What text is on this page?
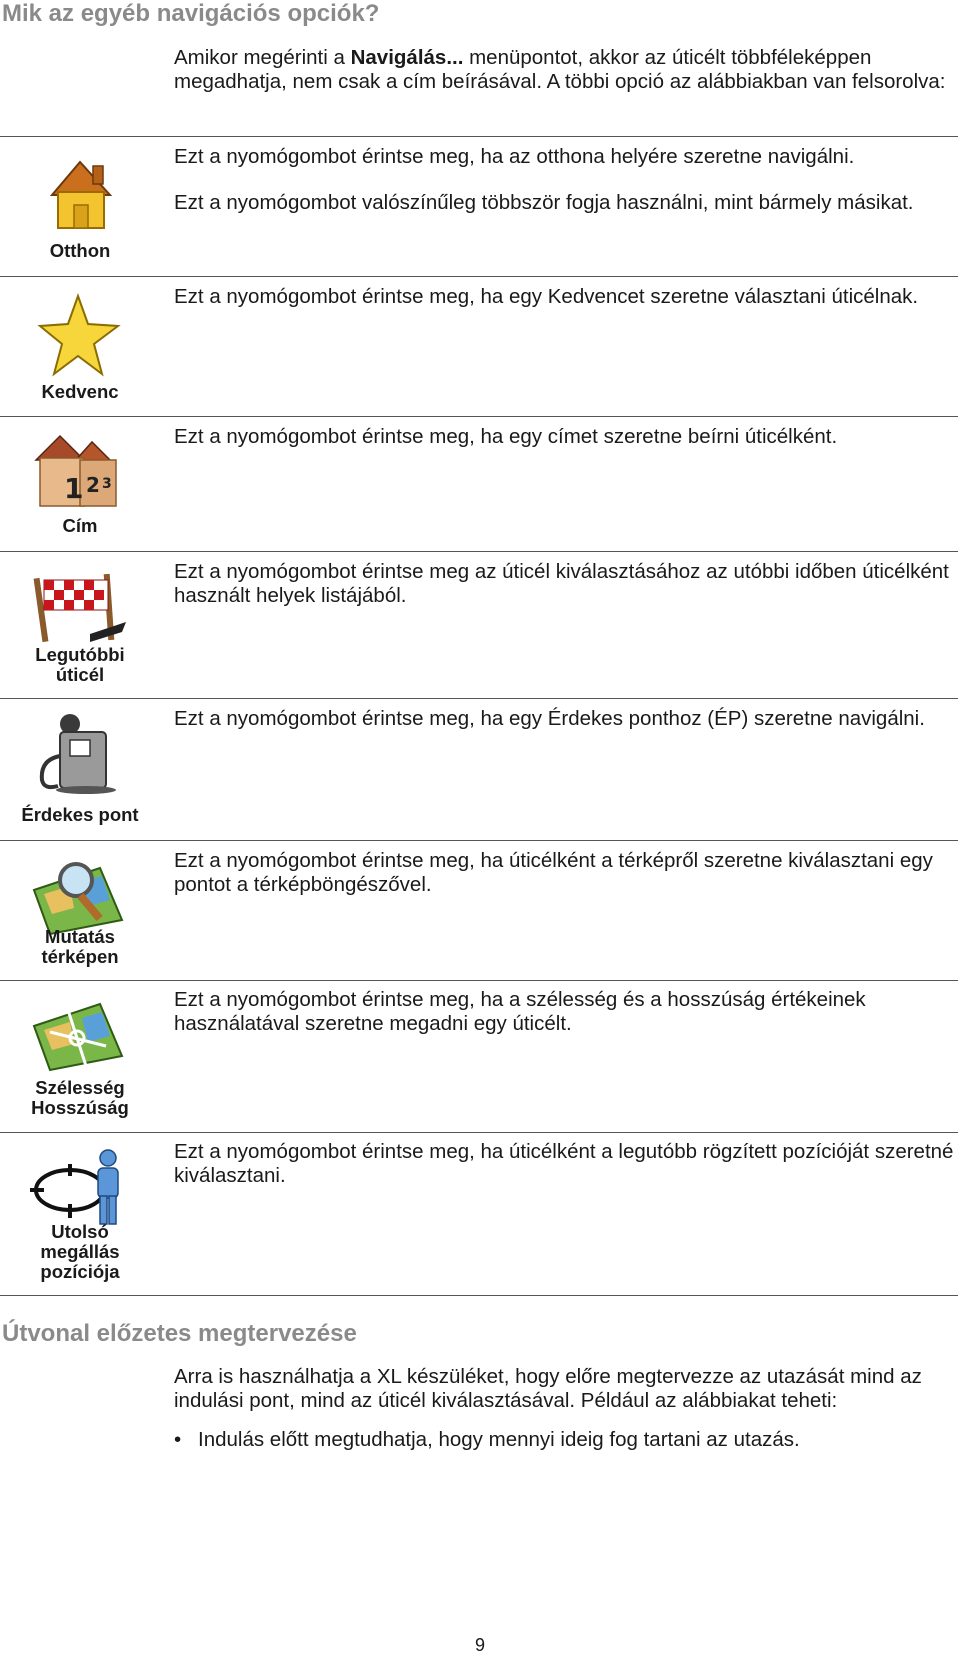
Mik az egyéb navigációs opciók?

Amikor megérinti a Navigálás... menüpontot, akkor az úticélt többféleképpen megadhatja, nem csak a cím beírásával. A többi opció az alábbiakban van felsorolva:

Otthon

Ezt a nyomógombot érintse meg, ha az otthona helyére szeretne navigálni.

Ezt a nyomógombot valószínűleg többször fogja használni, mint bármely másikat.

Kedvenc

Ezt a nyomógombot érintse meg, ha egy Kedvencet szeretne választani úticélnak.

1 2 3
Cím

Ezt a nyomógombot érintse meg, ha egy címet szeretne beírni úticélként.

Legutóbbi
úticél

Ezt a nyomógombot érintse meg az úticél kiválasztásához az utóbbi időben úticélként használt helyek listájából.

Érdekes pont

Ezt a nyomógombot érintse meg, ha egy Érdekes ponthoz (ÉP) szeretne navigálni.

Mutatás
térképen

Ezt a nyomógombot érintse meg, ha úticélként a térképről szeretne kiválasztani egy pontot a térképböngészővel.

Szélesség
Hosszúság

Ezt a nyomógombot érintse meg, ha a szélesség és a hosszúság értékeinek használatával szeretne megadni egy úticélt.

Utolsó
megállás
pozíciója

Ezt a nyomógombot érintse meg, ha úticélként a legutóbb rögzített pozícióját szeretné kiválasztani.

Útvonal előzetes megtervezése

Arra is használhatja a XL készüléket, hogy előre megtervezze az utazását mind az indulási pont, mind az úticél kiválasztásával. Például az alábbiakat teheti:

• Indulás előtt megtudhatja, hogy mennyi ideig fog tartani az utazás.
9
